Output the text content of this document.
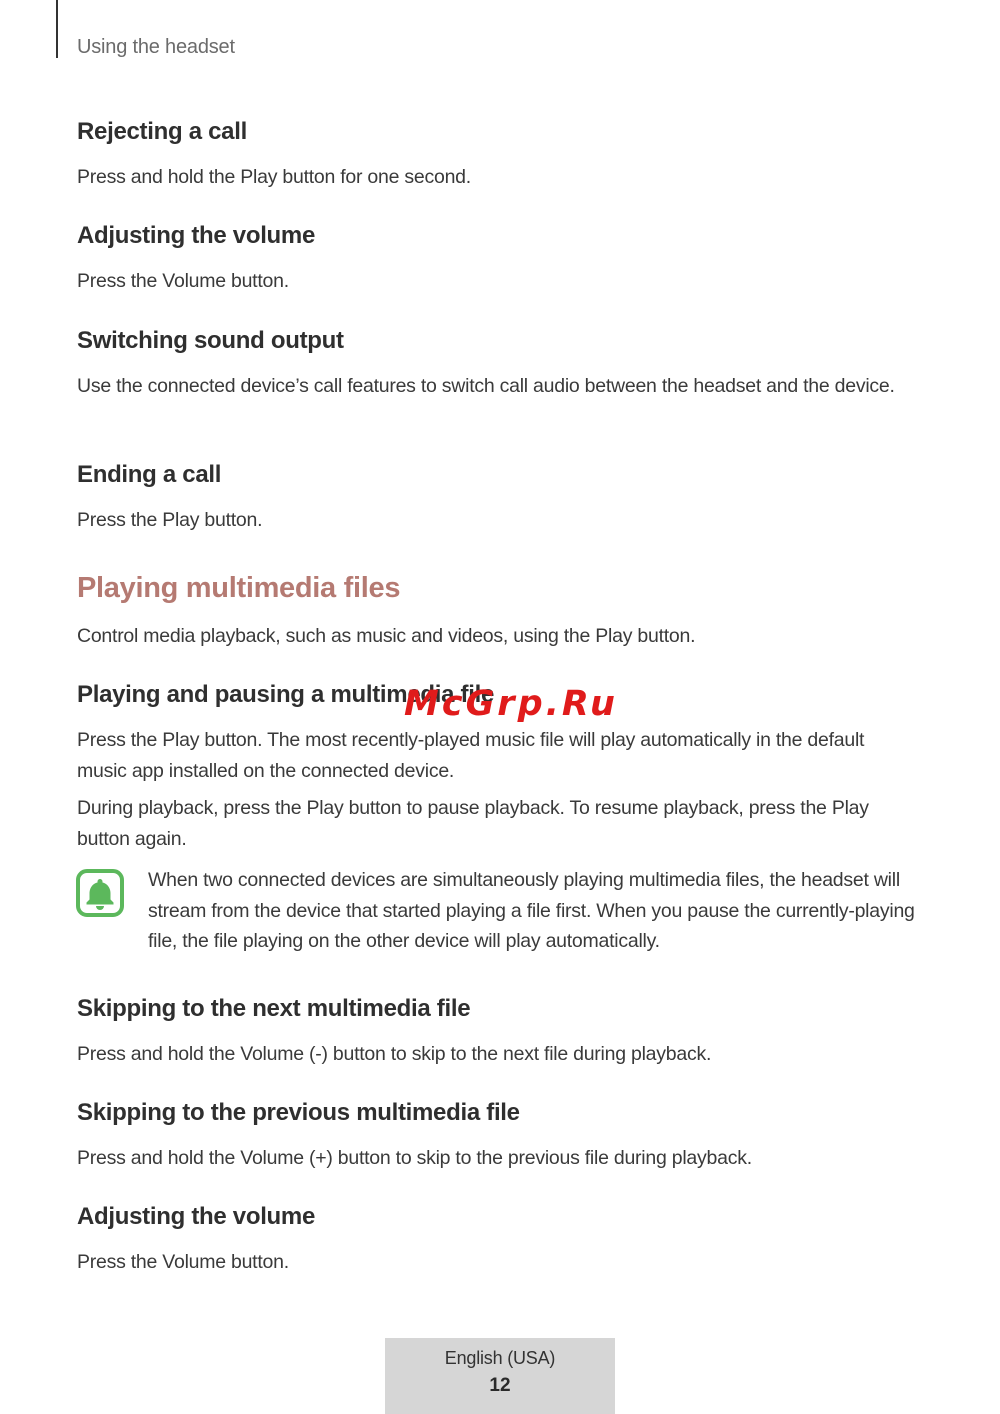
Using the headset
Rejecting a call
Press and hold the Play button for one second.
Adjusting the volume
Press the Volume button.
Switching sound output
Use the connected device’s call features to switch call audio between the headset and the device.
Ending a call
Press the Play button.
Playing multimedia files
Control media playback, such as music and videos, using the Play button.
Playing and pausing a multimedia file
Press the Play button. The most recently-played music file will play automatically in the default music app installed on the connected device.
During playback, press the Play button to pause playback. To resume playback, press the Play button again.
McGrp.Ru
When two connected devices are simultaneously playing multimedia files, the headset will stream from the device that started playing a file first. When you pause the currently-playing file, the file playing on the other device will play automatically.
Skipping to the next multimedia file
Press and hold the Volume (-) button to skip to the next file during playback.
Skipping to the previous multimedia file
Press and hold the Volume (+) button to skip to the previous file during playback.
Adjusting the volume
Press the Volume button.
English (USA)
12
